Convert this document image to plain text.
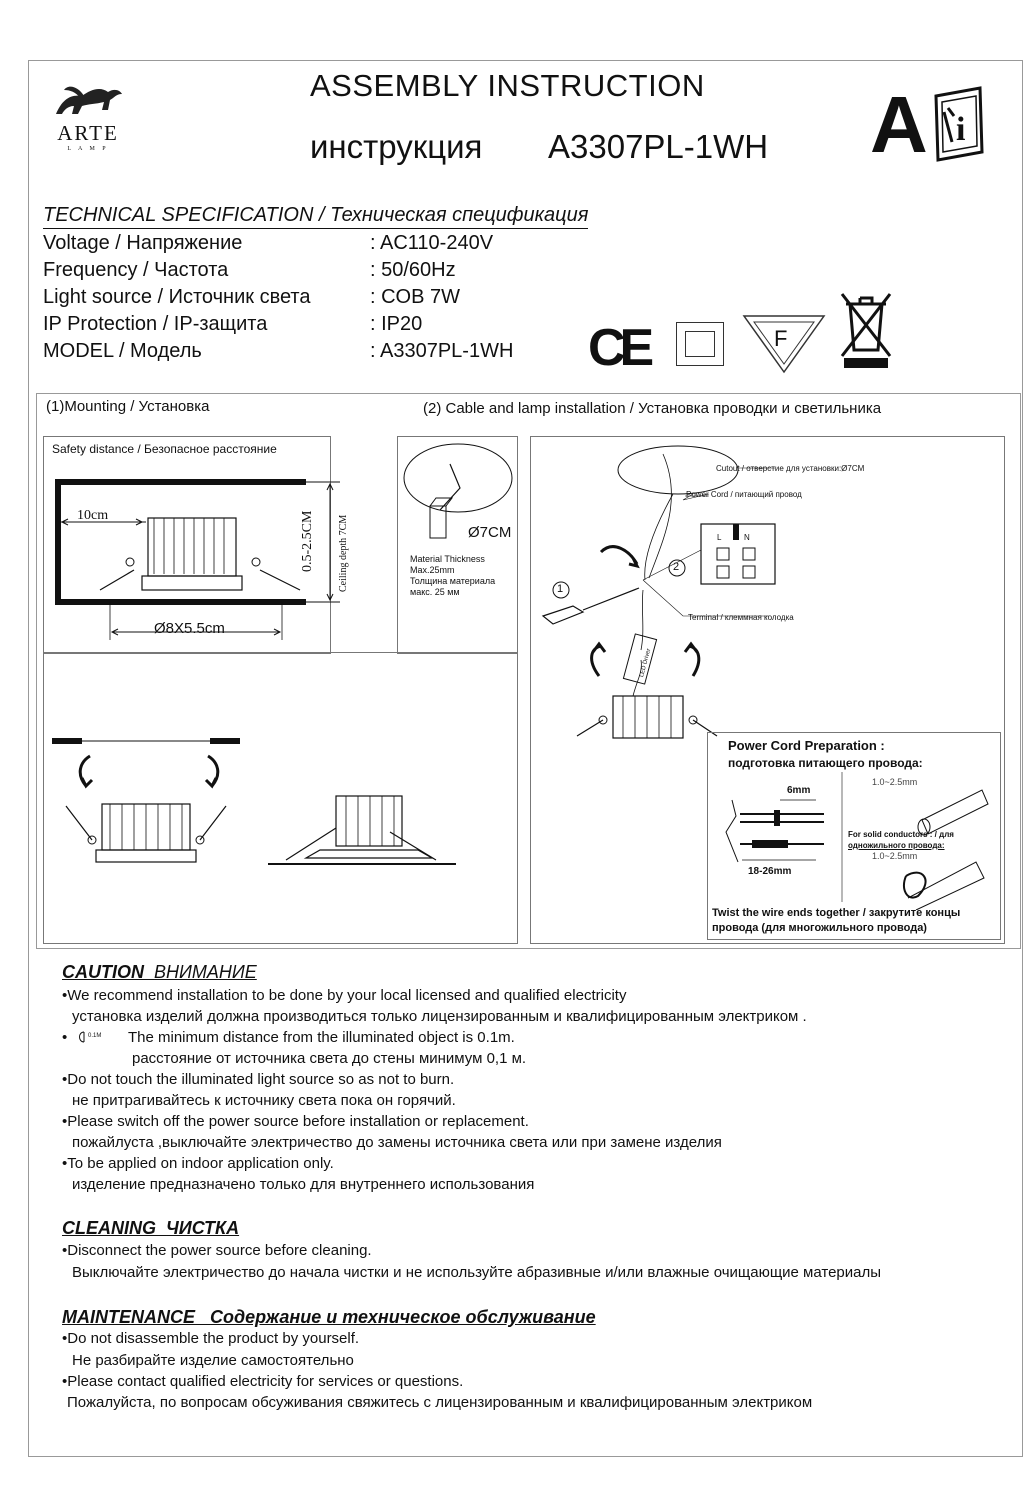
ARTE
L A M P
ASSEMBLY INSTRUCTION
инструкция A3307PL-1WH A i
TECHNICAL SPECIFICATION / Техническая спецификация
Voltage / Напряжение	: AC110-240V
Frequency / Частота	: 50/60Hz
Light source / Источник света	: COB 7W
IP Protection / IP-защита	: IP20
MODEL / Модель	: A3307PL-1WH CE	F
(1)Mounting / Установка	(2) Cable and lamp installation / Установка проводки и светильника
Safety distance / Безопасное расстояние
10cm	0.5-2.5CM Ceiling depth 7CM
Ø8X5.5cm
Ø7CM
Material Thickness
Max.25mm
Толщина материала
макс. 25 мм
Cutout / отверстие для установки:Ø7CM
Power Cord / питающий провод
Terminal / клеммная колодка
1
2
L	N
LED Driver
Power Cord Preparation :
подготовка питающего провода:
6mm
1.0~2.5mm
For solid conductors : / для
одножильного провода:
1.0~2.5mm
18-26mm
Twist the wire ends together / закрутите концы
провода (для многожильного провода)
CAUTION ВНИМАНИЕ
•We recommend installation to be done by your local licensed and qualified electricity
установка изделий должна производиться только лицензированным и квалифицированным электриком .
•	0.1M The minimum distance from the illuminated object is 0.1m.
расстояние от источника света до стены минимум 0,1 м.
•Do not touch the illuminated light source so as not to burn.
не притрагивайтесь к источнику света пока он горячий.
•Please switch off the power source before installation or replacement.
пожайлуста ,выключайте электричество до замены источника света или при замене изделия
•To be applied on indoor application only.
изделение предназначено только для внутреннего использования
CLEANING ЧИСТКА
•Disconnect the power source before cleaning.
Выключайте электричество до начала чистки и не используйте абразивные и/или влажные очищающие материалы
MAINTENANCE Содержание и техническое обслуживание
•Do not disassemble the product by yourself.
Не разбирайте изделие самостоятельно
•Please contact qualified electricity for services or questions.
Пожалуйста, по вопросам обсуживания свяжитесь с лицензированным и квалифицированным электриком
